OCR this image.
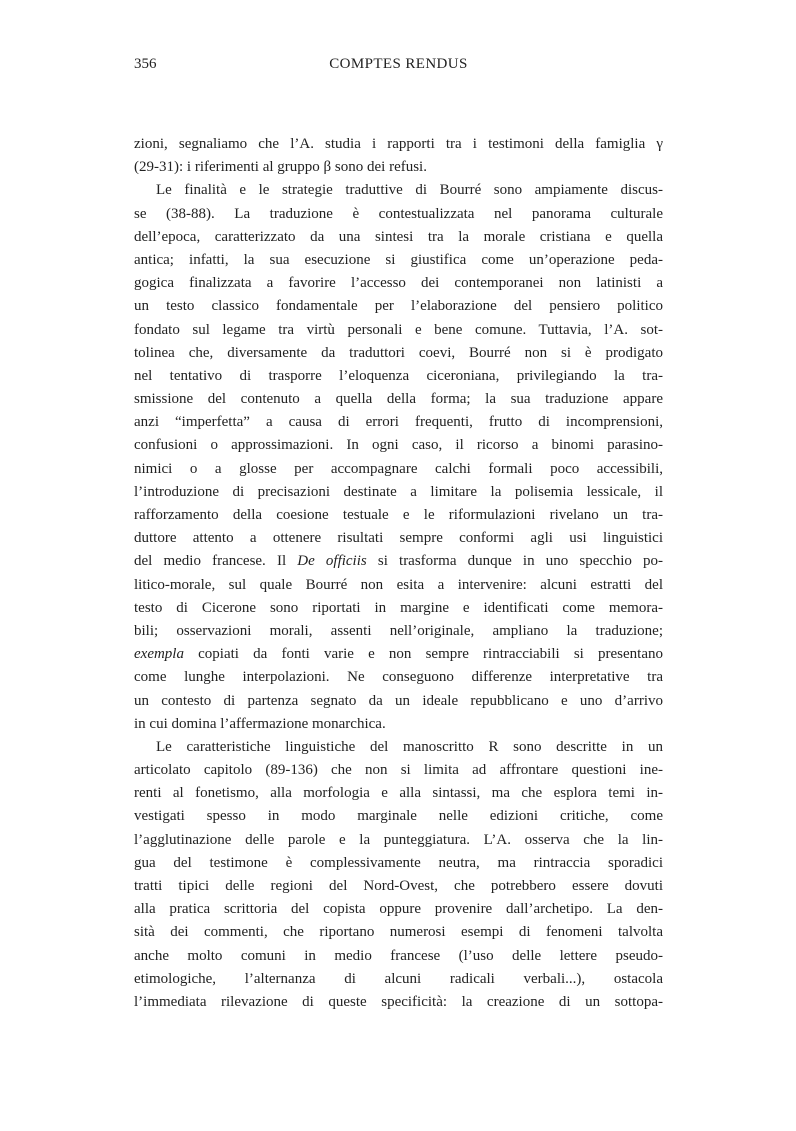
356	COMPTES RENDUS
zioni, segnaliamo che l’A. studia i rapporti tra i testimoni della famiglia γ
(29-31): i riferimenti al gruppo β sono dei refusi.
Le finalità e le strategie traduttive di Bourré sono ampiamente discus-
se (38-88). La traduzione è contestualizzata nel panorama culturale
dell’epoca, caratterizzato da una sintesi tra la morale cristiana e quella
antica; infatti, la sua esecuzione si giustifica come un’operazione peda-
gogica finalizzata a favorire l’accesso dei contemporanei non latinisti a
un testo classico fondamentale per l’elaborazione del pensiero politico
fondato sul legame tra virtù personali e bene comune. Tuttavia, l’A. sot-
tolinea che, diversamente da traduttori coevi, Bourré non si è prodigato
nel tentativo di trasporre l’eloquenza ciceroniana, privilegiando la tra-
smissione del contenuto a quella della forma; la sua traduzione appare
anzi “imperfetta” a causa di errori frequenti, frutto di incomprensioni,
confusioni o approssimazioni. In ogni caso, il ricorso a binomi parasino-
nimici o a glosse per accompagnare calchi formali poco accessibili,
l’introduzione di precisazioni destinate a limitare la polisemia lessicale, il
rafforzamento della coesione testuale e le riformulazioni rivelano un tra-
duttore attento a ottenere risultati sempre conformi agli usi linguistici
del medio francese. Il De officiis si trasforma dunque in uno specchio po-
litico-morale, sul quale Bourré non esita a intervenire: alcuni estratti del
testo di Cicerone sono riportati in margine e identificati come memora-
bili; osservazioni morali, assenti nell’originale, ampliano la traduzione;
exempla copiati da fonti varie e non sempre rintracciabili si presentano
come lunghe interpolazioni. Ne conseguono differenze interpretative tra
un contesto di partenza segnato da un ideale repubblicano e uno d’arrivo
in cui domina l’affermazione monarchica.
Le caratteristiche linguistiche del manoscritto R sono descritte in un
articolato capitolo (89-136) che non si limita ad affrontare questioni ine-
renti al fonetismo, alla morfologia e alla sintassi, ma che esplora temi in-
vestigati spesso in modo marginale nelle edizioni critiche, come
l’agglutinazione delle parole e la punteggiatura. L’A. osserva che la lin-
gua del testimone è complessivamente neutra, ma rintraccia sporadici
tratti tipici delle regioni del Nord-Ovest, che potrebbero essere dovuti
alla pratica scrittoria del copista oppure provenire dall’archetipo. La den-
sità dei commenti, che riportano numerosi esempi di fenomeni talvolta
anche molto comuni in medio francese (l’uso delle lettere pseudo-
etimologiche, l’alternanza di alcuni radicali verbali...), ostacola
l’immediata rilevazione di queste specificità: la creazione di un sottopa-
